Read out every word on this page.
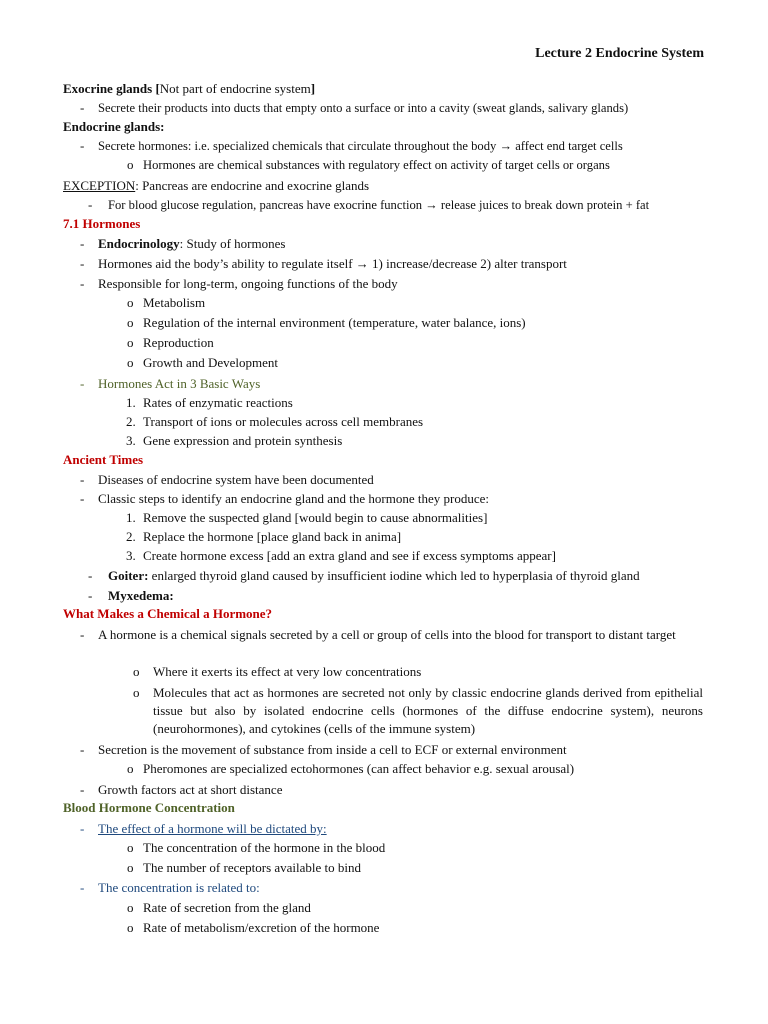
Lecture 2 Endocrine System
Exocrine glands [Not part of endocrine system]
- Secrete their products into ducts that empty onto a surface or into a cavity (sweat glands, salivary glands)
Endocrine glands:
- Secrete hormones: i.e. specialized chemicals that circulate throughout the body → affect end target cells
o Hormones are chemical substances with regulatory effect on activity of target cells or organs
EXCEPTION: Pancreas are endocrine and exocrine glands
- For blood glucose regulation, pancreas have exocrine function → release juices to break down protein + fat
7.1 Hormones
- Endocrinology: Study of hormones
- Hormones aid the body’s ability to regulate itself → 1) increase/decrease 2) alter transport
- Responsible for long-term, ongoing functions of the body
o Metabolism
o Regulation of the internal environment (temperature, water balance, ions)
o Reproduction
o Growth and Development
- Hormones Act in 3 Basic Ways
1. Rates of enzymatic reactions
2. Transport of ions or molecules across cell membranes
3. Gene expression and protein synthesis
Ancient Times
- Diseases of endocrine system have been documented
- Classic steps to identify an endocrine gland and the hormone they produce:
1. Remove the suspected gland [would begin to cause abnormalities]
2. Replace the hormone [place gland back in anima]
3. Create hormone excess [add an extra gland and see if excess symptoms appear]
- Goiter: enlarged thyroid gland caused by insufficient iodine which led to hyperplasia of thyroid gland
- Myxedema:
What Makes a Chemical a Hormone?
- A hormone is a chemical signals secreted by a cell or group of cells into the blood for transport to distant target
o Where it exerts its effect at very low concentrations
o Molecules that act as hormones are secreted not only by classic endocrine glands derived from epithelial tissue but also by isolated endocrine cells (hormones of the diffuse endocrine system), neurons (neurohormones), and cytokines (cells of the immune system)
- Secretion is the movement of substance from inside a cell to ECF or external environment
o Pheromones are specialized ectohormones (can affect behavior e.g. sexual arousal)
- Growth factors act at short distance
Blood Hormone Concentration
- The effect of a hormone will be dictated by:
o The concentration of the hormone in the blood
o The number of receptors available to bind
- The concentration is related to:
o Rate of secretion from the gland
o Rate of metabolism/excretion of the hormone
